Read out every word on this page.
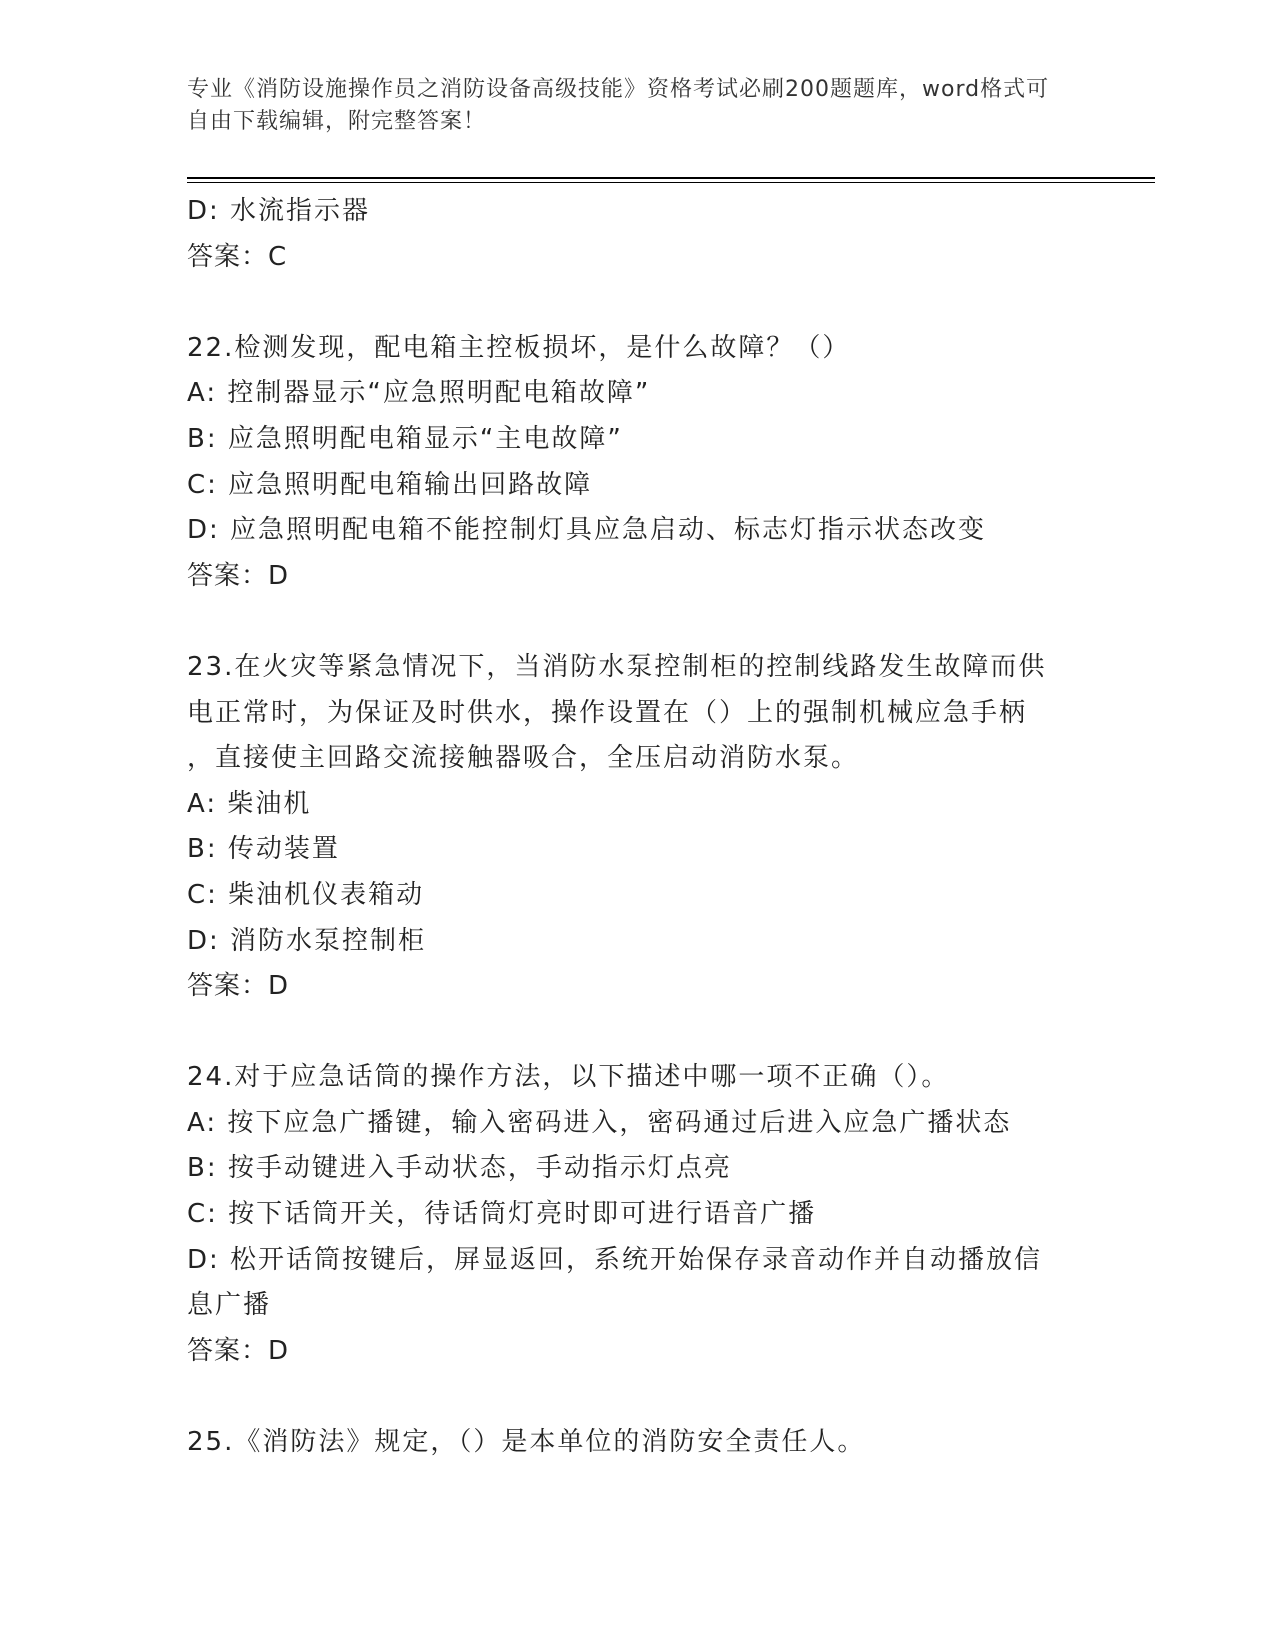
专业《消防设施操作员之消防设备高级技能》资格考试必刷200题题库，word格式可自由下载编辑，附完整答案！
D: 水流指示器
答案：C
22.检测发现，配电箱主控板损坏，是什么故障？（）
A: 控制器显示“应急照明配电箱故障”
B: 应急照明配电箱显示“主电故障”
C: 应急照明配电箱输出回路故障
D: 应急照明配电箱不能控制灯具应急启动、标志灯指示状态改变
答案：D
23.在火灾等紧急情况下，当消防水泵控制柜的控制线路发生故障而供
电正常时，为保证及时供水，操作设置在（）上的强制机械应急手柄
，直接使主回路交流接触器吸合，全压启动消防水泵。
A: 柴油机
B: 传动装置
C: 柴油机仪表箱动
D: 消防水泵控制柜
答案：D
24.对于应急话筒的操作方法，以下描述中哪一项不正确（）。
A: 按下应急广播键，输入密码进入，密码通过后进入应急广播状态
B: 按手动键进入手动状态，手动指示灯点亮
C: 按下话筒开关，待话筒灯亮时即可进行语音广播
D: 松开话筒按键后，屏显返回，系统开始保存录音动作并自动播放信
息广播
答案：D
25.《消防法》规定，（）是本单位的消防安全责任人。
